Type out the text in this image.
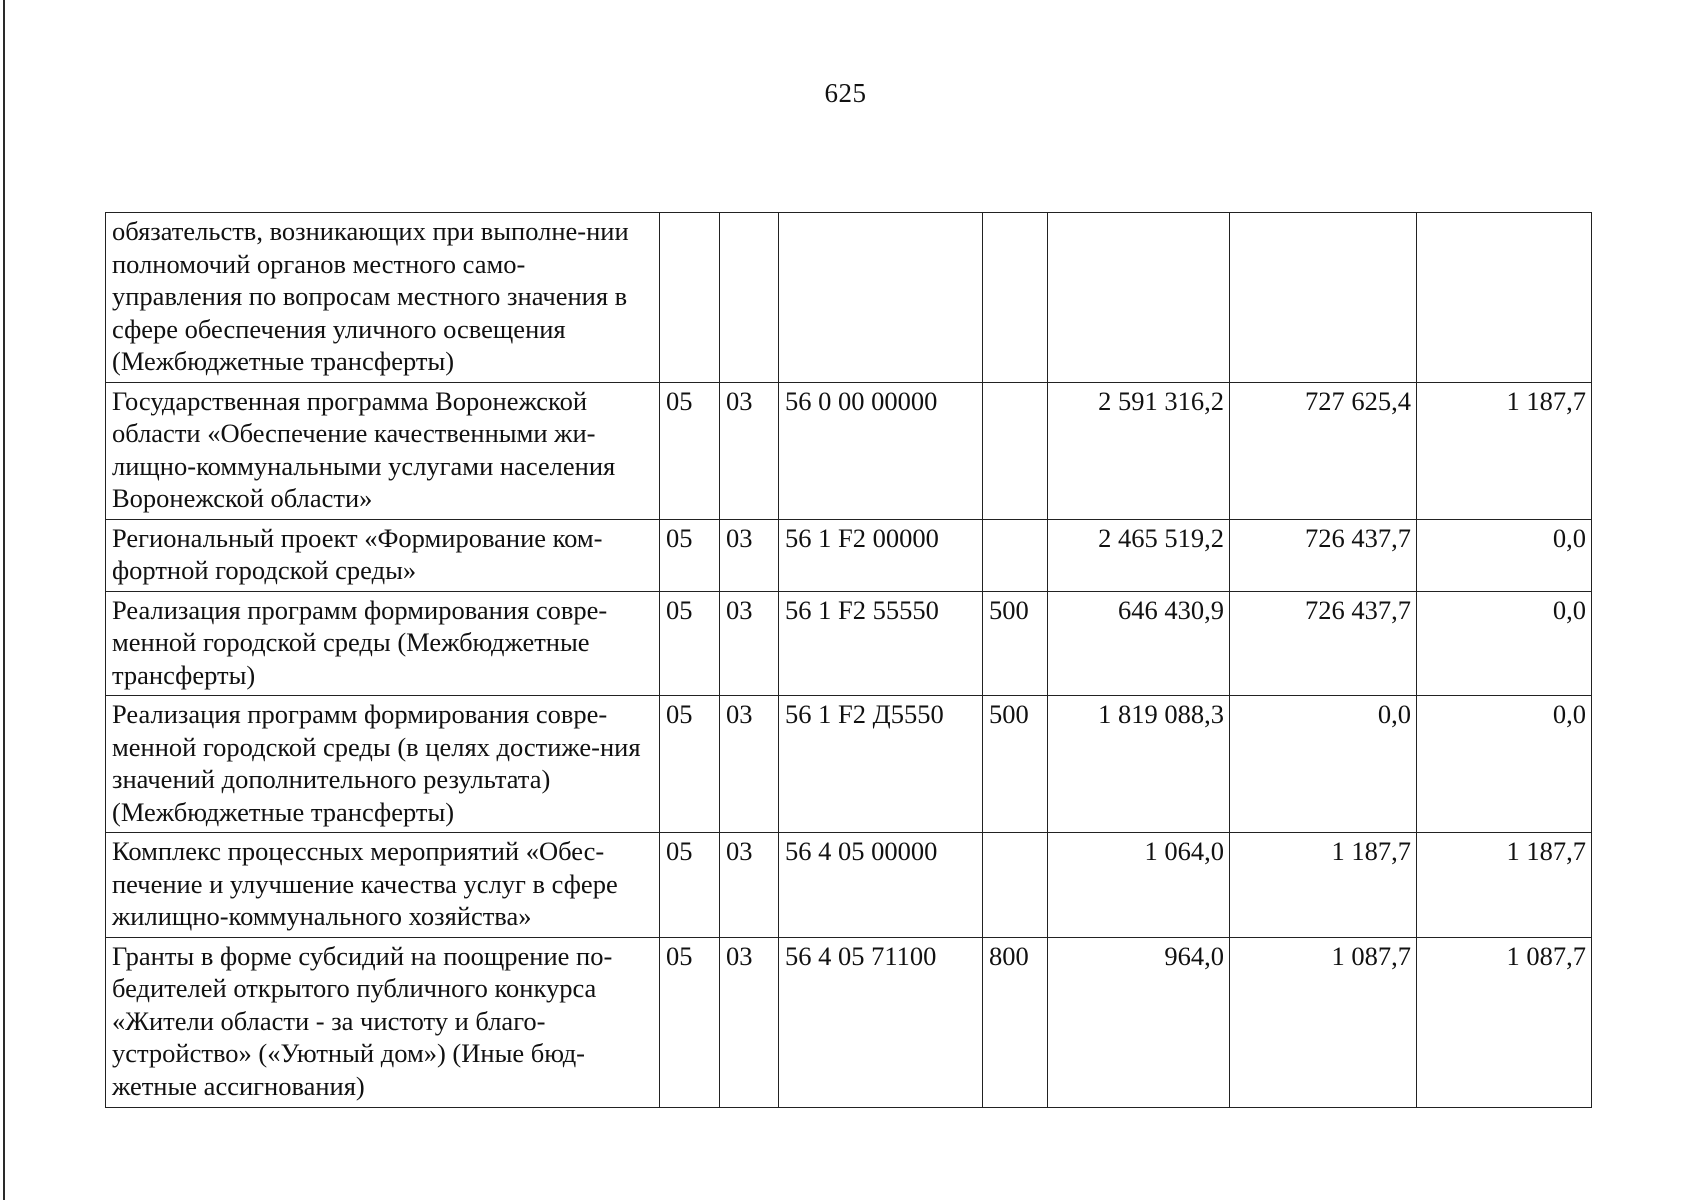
625
обязательств, возникающих при выполне-нии полномочий органов местного само-управления по вопросам местного значения в сфере обеспечения уличного освещения (Межбюджетные трансферты)							
Государственная программа Воронежской области «Обеспечение качественными жи-лищно-коммунальными услугами населения Воронежской области»	05	03	56 0 00 00000		2 591 316,2	727 625,4	1 187,7
Региональный проект «Формирование ком-фортной городской среды»	05	03	56 1 F2 00000		2 465 519,2	726 437,7	0,0
Реализация программ формирования совре-менной городской среды (Межбюджетные трансферты)	05	03	56 1 F2 55550	500	646 430,9	726 437,7	0,0
Реализация программ формирования совре-менной городской среды (в целях достиже-ния значений дополнительного результата) (Межбюджетные трансферты)	05	03	56 1 F2 Д5550	500	1 819 088,3	0,0	0,0
Комплекс процессных мероприятий «Обес-печение и улучшение качества услуг в сфере жилищно-коммунального хозяйства»	05	03	56 4 05 00000		1 064,0	1 187,7	1 187,7
Гранты в форме субсидий на поощрение по-бедителей открытого публичного конкурса «Жители области - за чистоту и благо-устройство» («Уютный дом») (Иные бюд-жетные ассигнования)	05	03	56 4 05 71100	800	964,0	1 087,7	1 087,7
